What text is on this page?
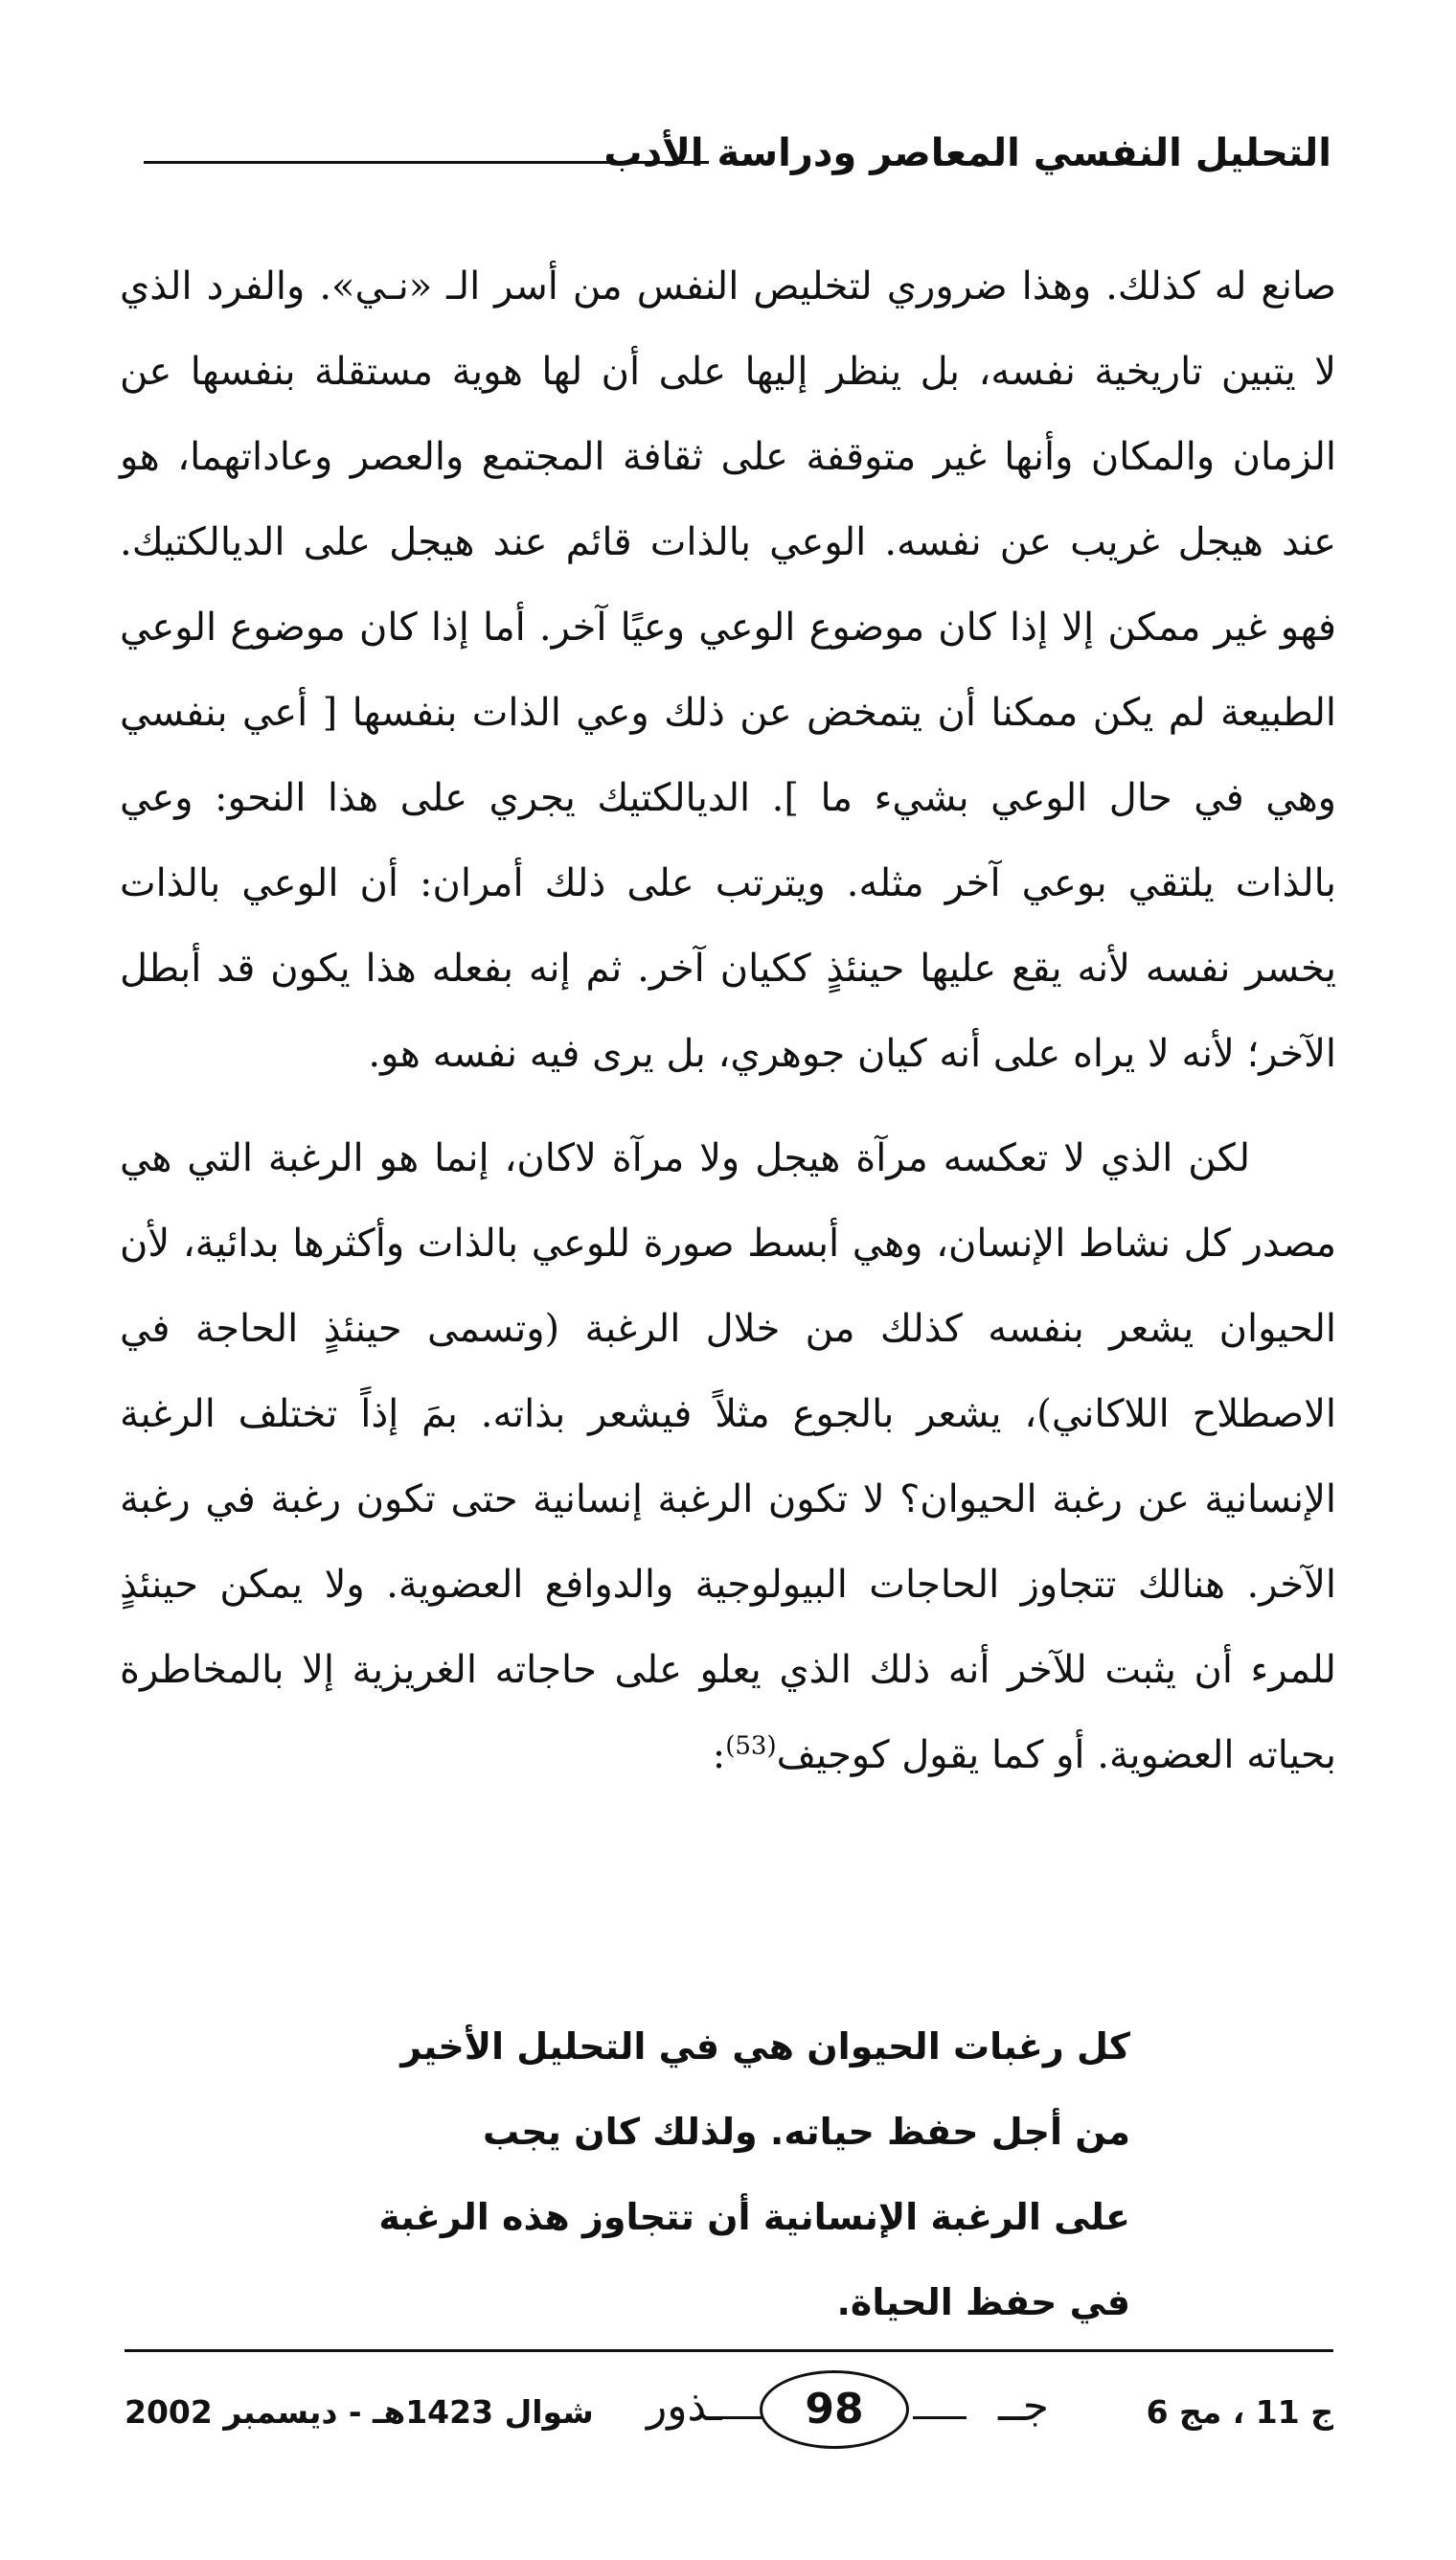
التحليل النفسي المعاصر ودراسة الأدب

صانع له كذلك. وهذا ضروري لتخليص النفس من أسر الـ «نـي». والفرد الذي لا يتبين تاريخية نفسه، بل ينظر إليها على أن لها هوية مستقلة بنفسها عن الزمان والمكان وأنها غير متوقفة على ثقافة المجتمع والعصر وعاداتهما، هو عند هيجل غريب عن نفسه. الوعي بالذات قائم عند هيجل على الديالكتيك. فهو غير ممكن إلا إذا كان موضوع الوعي وعيًا آخر. أما إذا كان موضوع الوعي الطبيعة لم يكن ممكنا أن يتمخض عن ذلك وعي الذات بنفسها [ أعي بنفسي وهي في حال الوعي بشيء ما ]. الديالكتيك يجري على هذا النحو: وعي بالذات يلتقي بوعي آخر مثله. ويترتب على ذلك أمران: أن الوعي بالذات يخسر نفسه لأنه يقع عليها حينئذٍ ككيان آخر. ثم إنه بفعله هذا يكون قد أبطل الآخر؛ لأنه لا يراه على أنه كيان جوهري، بل يرى فيه نفسه هو.

لكن الذي لا تعكسه مرآة هيجل ولا مرآة لاكان، إنما هو الرغبة التي هي مصدر كل نشاط الإنسان، وهي أبسط صورة للوعي بالذات وأكثرها بدائية، لأن الحيوان يشعر بنفسه كذلك من خلال الرغبة (وتسمى حينئذٍ الحاجة في الاصطلاح اللاكاني)، يشعر بالجوع مثلاً فيشعر بذاته. بمَ إذاً تختلف الرغبة الإنسانية عن رغبة الحيوان؟ لا تكون الرغبة إنسانية حتى تكون رغبة في رغبة الآخر. هنالك تتجاوز الحاجات البيولوجية والدوافع العضوية. ولا يمكن حينئذٍ للمرء أن يثبت للآخر أنه ذلك الذي يعلو على حاجاته الغريزية إلا بالمخاطرة بحياته العضوية. أو كما يقول كوجيف$^{(53)}$:

كل رغبات الحيوان هي في التحليل الأخير
من أجل حفظ حياته. ولذلك كان يجب
على الرغبة الإنسانية أن تتجاوز هذه الرغبة
في حفظ الحياة.
ج 11 ، مج 6
جــ
98
ـذور
شوال 1423هـ - ديسمبر 2002
